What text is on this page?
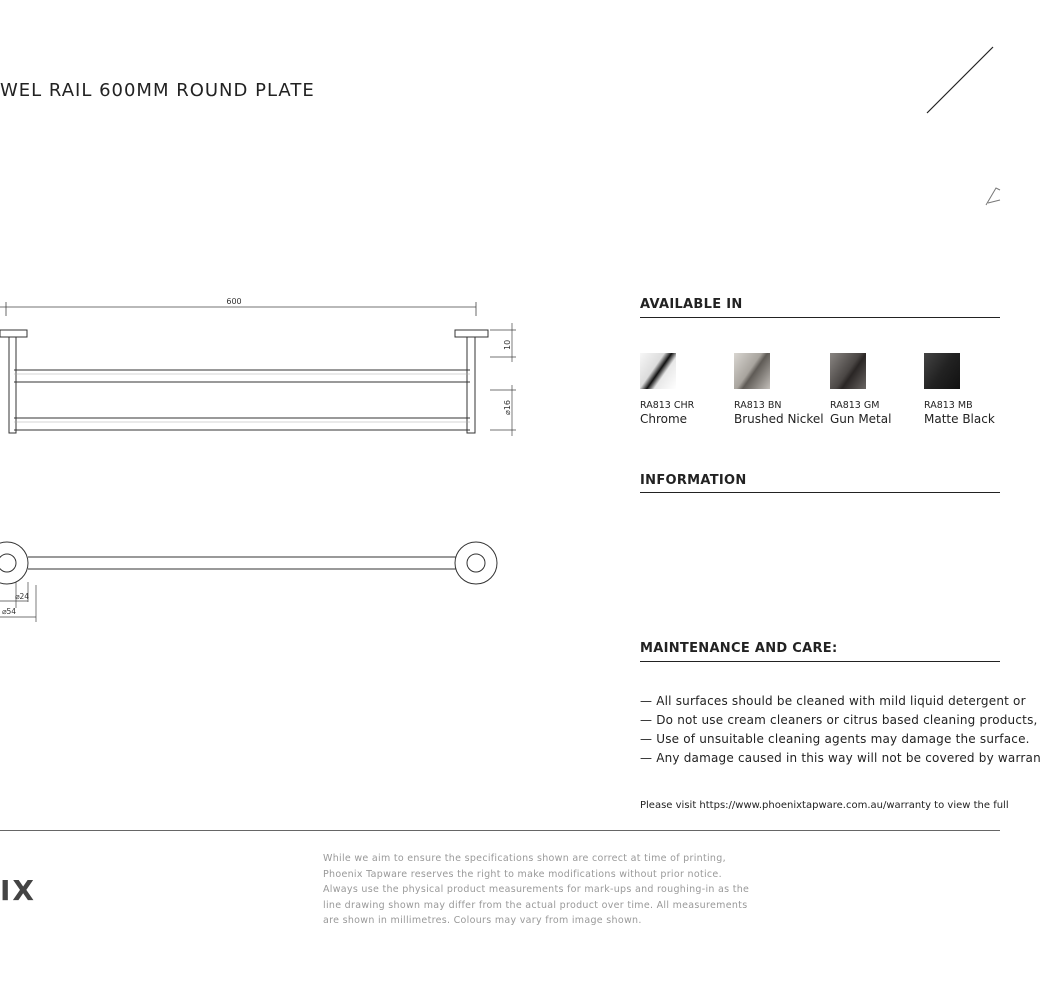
WEL RAIL 600MM ROUND PLATE
600
10
⌀16
⌀24
⌀54
AVAILABLE IN
RA813 CHR
Chrome
RA813 BN
Brushed Nickel
RA813 GM
Gun Metal
RA813 MB
Matte Black
INFORMATION
MAINTENANCE AND CARE:
— All surfaces should be cleaned with mild liquid detergent or
— Do not use cream cleaners or citrus based cleaning products,
— Use of unsuitable cleaning agents may damage the surface.
— Any damage caused in this way will not be covered by warran
Please visit https://www.phoenixtapware.com.au/warranty to view the full
IX
While we aim to ensure the specifications shown are correct at time of printing,
Phoenix Tapware reserves the right to make modifications without prior notice.
Always use the physical product measurements for mark-ups and roughing-in as the
line drawing shown may differ from the actual product over time. All measurements
are shown in millimetres. Colours may vary from image shown.
